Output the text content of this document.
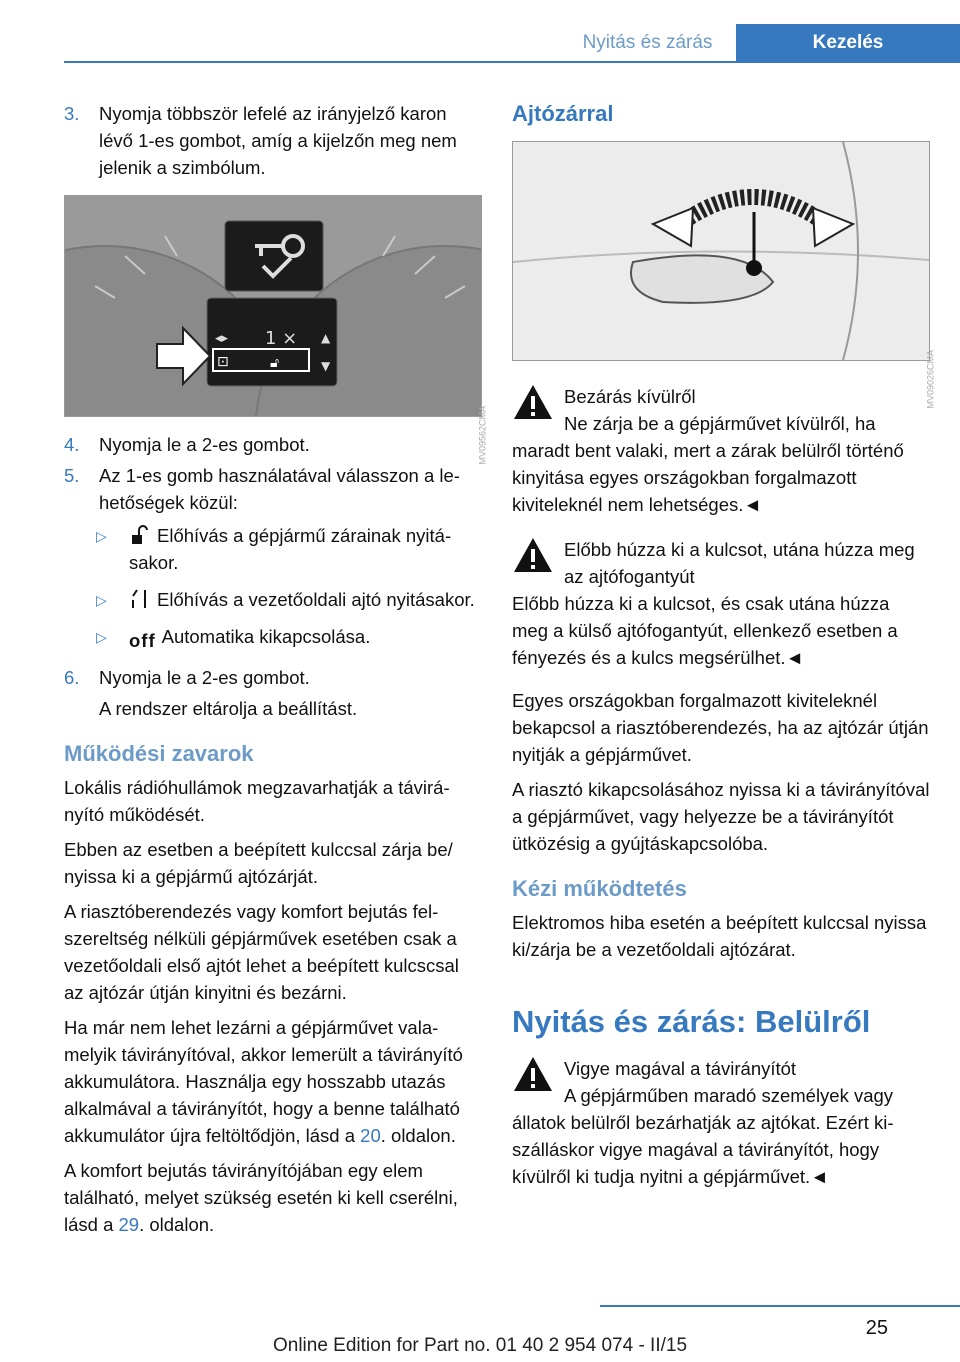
Nyitás és zárás	Kezelés
3. Nyomja többször lefelé az irányjelző karon lévő 1-es gombot, amíg a kijelzőn meg nem jelenik a szimbólum.
◂▸ 1 ×
⊡	🔓︎
▲
▼
MV09562CMA
4. Nyomja le a 2-es gombot.
5. Az 1-es gomb használatával válasszon a lehetőségek közül:
▷	Előhívás a gépjármű zárainak nyitásakor.
▷	Előhívás a vezetőoldali ajtó nyitásakor.
▷ off Automatika kikapcsolása.
6. Nyomja le a 2-es gombot.

A rendszer eltárolja a beállítást.

Működési zavarok

Lokális rádióhullámok megzavarhatják a távirányító működését.

Ebben az esetben a beépített kulccsal zárja be/ nyissa ki a gépjármű ajtózárját.

A riasztóberendezés vagy komfort bejutás felszereltség nélküli gépjárművek esetében csak a vezetőoldali első ajtót lehet a beépített kulcscsal az ajtózár útján kinyitni és bezárni.

Ha már nem lehet lezárni a gépjárművet valamelyik távirányítóval, akkor lemerült a távirányító akkumulátora. Használja egy hosszabb utazás alkalmával a távirányítót, hogy a benne található akkumulátor újra feltöltődjön, lásd a 20. oldalon.

A komfort bejutás távirányítójában egy elem található, melyet szükség esetén ki kell cserélni, lásd a 29. oldalon.

Ajtózárral
MV09026CMA
Bezárás kívülről
Ne zárja be a gépjárművet kívülről, ha maradt bent valaki, mert a zárak belülről történő kinyitása egyes országokban forgalmazott kiviteleknél nem lehetséges.◄
Előbb húzza ki a kulcsot, utána húzza meg az ajtófogantyút
Előbb húzza ki a kulcsot, és csak utána húzza meg a külső ajtófogantyút, ellenkező esetben a fényezés és a kulcs megsérülhet.◄

Egyes országokban forgalmazott kiviteleknél bekapcsol a riasztóberendezés, ha az ajtózár útján nyitják a gépjárművet.

A riasztó kikapcsolásához nyissa ki a távirányítóval a gépjárművet, vagy helyezze be a távirányítót ütközésig a gyújtáskapcsolóba.

Kézi működtetés

Elektromos hiba esetén a beépített kulccsal nyissa ki/zárja be a vezetőoldali ajtózárat.

Nyitás és zárás: Belülről
Vigye magával a távirányítót
A gépjárműben maradó személyek vagy állatok belülről bezárhatják az ajtókat. Ezért kiszálláskor vigye magával a távirányítót, hogy kívülről ki tudja nyitni a gépjárművet.◄
25
Online Edition for Part no. 01 40 2 954 074 - II/15
